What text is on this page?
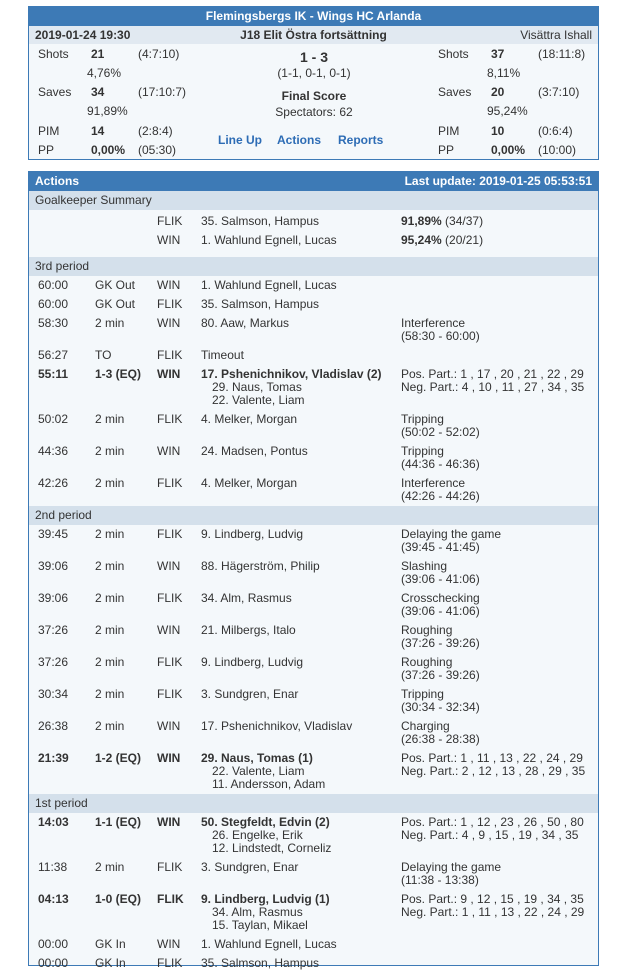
Flemingsbergs IK - Wings HC Arlanda
2019-01-24 19:30	J18 Elit Östra fortsättning	Visättra Ishall
Shots 21	(4:7:10)
4,76%
Saves 34	(17:10:7)
91,89%
PIM	14	(2:8:4)
PP	0,00% (05:30)
1 - 3
(1-1, 0-1, 0-1)
Final Score
Spectators: 62
Line Up Actions Reports
Shots 37	(18:11:8)
8,11%
Saves 20	(3:7:10)
95,24%
PIM	10	(0:6:4)
PP	0,00% (10:00)
Actions	Last update: 2019-01-25 05:53:51
Goalkeeper Summary
FLIK 35. Salmson, Hampus	91,89% (34/37)
WIN 1. Wahlund Egnell, Lucas	95,24% (20/21)
3rd period
60:00 GK Out WIN 1. Wahlund Egnell, Lucas
60:00 GK Out FLIK 35. Salmson, Hampus
58:30 2 min	WIN 80. Aaw, Markus	Interference
(58:30 - 60:00)
56:27 TO	FLIK Timeout
55:11 1-3 (EQ) WIN 17. Pshenichnikov, Vladislav (2)
29. Naus, Tomas
22. Valente, Liam
Pos. Part.: 1 , 17 , 20 , 21 , 22 , 29
Neg. Part.: 4 , 10 , 11 , 27 , 34 , 35
50:02 2 min	FLIK 4. Melker, Morgan	Tripping
(50:02 - 52:02)
44:36 2 min	WIN 24. Madsen, Pontus	Tripping
(44:36 - 46:36)
42:26 2 min	FLIK 4. Melker, Morgan	Interference
(42:26 - 44:26)
2nd period
39:45 2 min	FLIK 9. Lindberg, Ludvig	Delaying the game
(39:45 - 41:45)
39:06 2 min	WIN 88. Hägerström, Philip	Slashing
(39:06 - 41:06)
39:06 2 min	FLIK 34. Alm, Rasmus	Crosschecking
(39:06 - 41:06)
37:26 2 min	WIN 21. Milbergs, Italo	Roughing
(37:26 - 39:26)
37:26 2 min	FLIK 9. Lindberg, Ludvig	Roughing
(37:26 - 39:26)
30:34 2 min	FLIK 3. Sundgren, Enar	Tripping
(30:34 - 32:34)
26:38 2 min	WIN 17. Pshenichnikov, Vladislav	Charging
(26:38 - 28:38)
21:39 1-2 (EQ) WIN 29. Naus, Tomas (1)
22. Valente, Liam
11. Andersson, Adam
Pos. Part.: 1 , 11 , 13 , 22 , 24 , 29
Neg. Part.: 2 , 12 , 13 , 28 , 29 , 35
1st period
14:03 1-1 (EQ) WIN 50. Stegfeldt, Edvin (2)
26. Engelke, Erik
12. Lindstedt, Corneliz
Pos. Part.: 1 , 12 , 23 , 26 , 50 , 80
Neg. Part.: 4 , 9 , 15 , 19 , 34 , 35
11:38 2 min	FLIK 3. Sundgren, Enar	Delaying the game
(11:38 - 13:38)
04:13 1-0 (EQ) FLIK 9. Lindberg, Ludvig (1)
34. Alm, Rasmus
15. Taylan, Mikael
Pos. Part.: 9 , 12 , 15 , 19 , 34 , 35
Neg. Part.: 1 , 11 , 13 , 22 , 24 , 29
00:00 GK In	WIN 1. Wahlund Egnell, Lucas
00:00 GK In	FLIK 35. Salmson, Hampus
